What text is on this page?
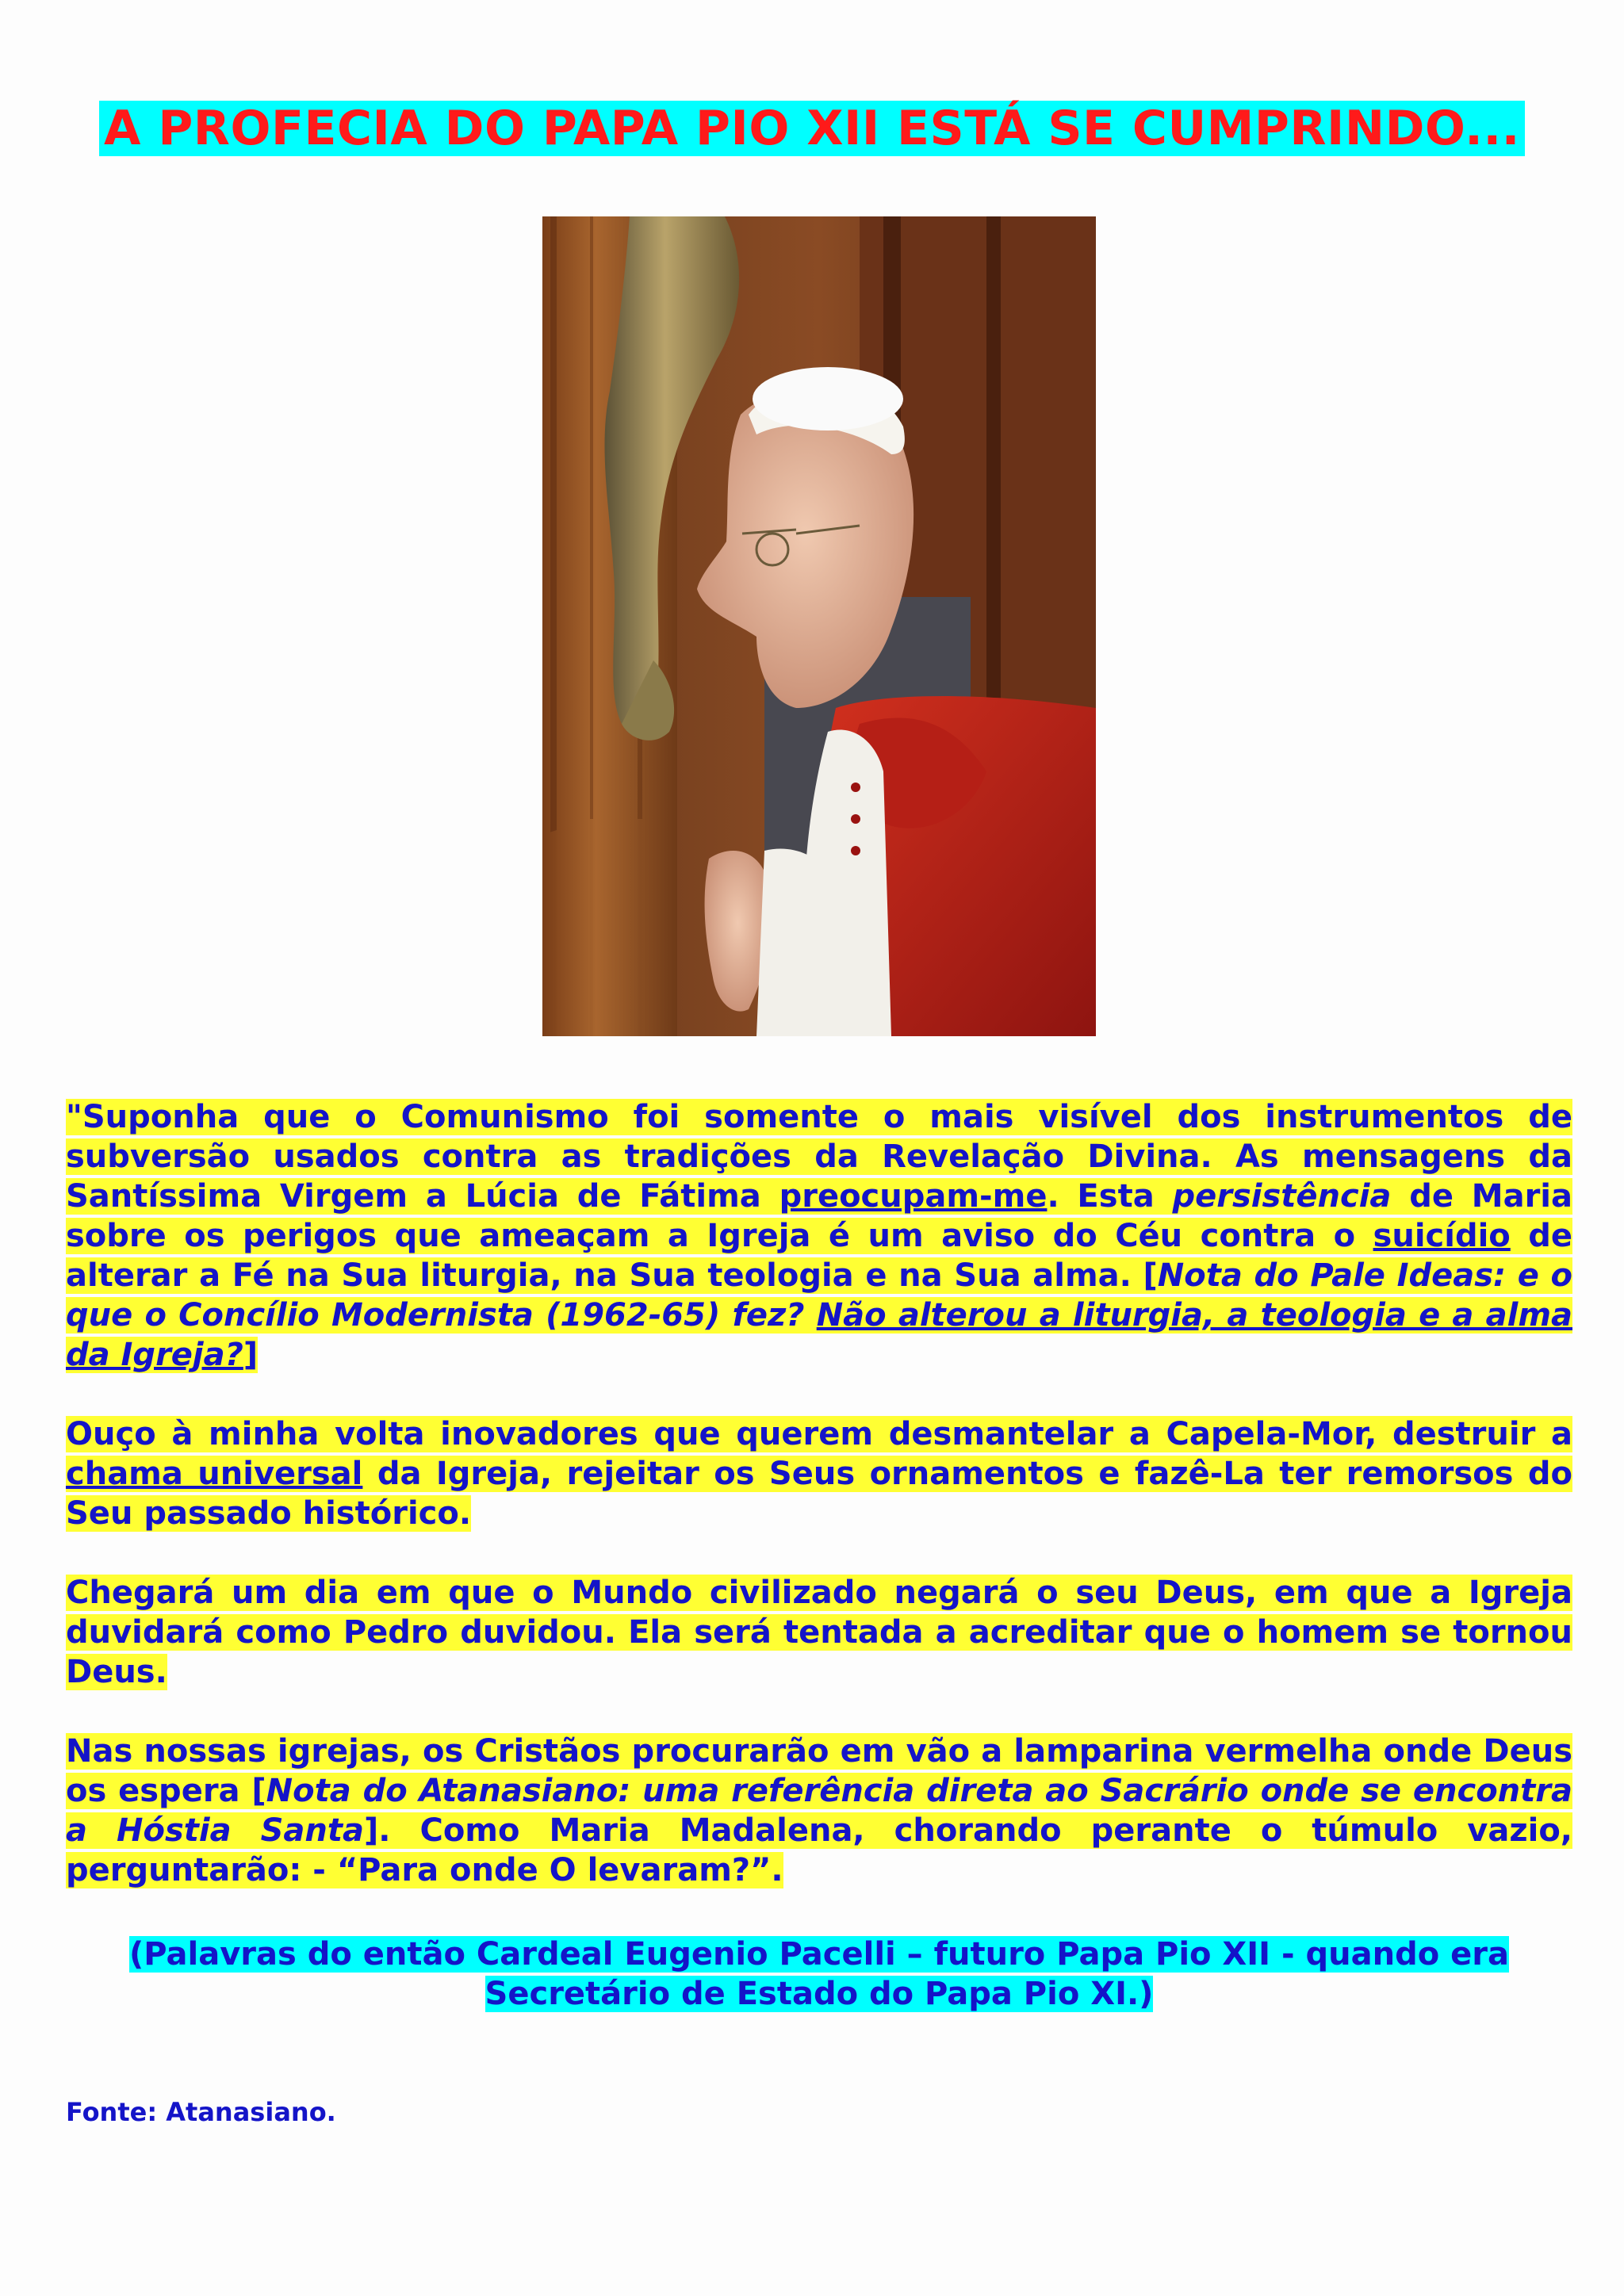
A PROFECIA DO PAPA PIO XII ESTÁ SE CUMPRINDO...

"Suponha que o Comunismo foi somente o mais visível dos instrumentos de subversão usados contra as tradições da Revelação Divina. As mensagens da Santíssima Virgem a Lúcia de Fátima preocupam-me. Esta persistência de Maria sobre os perigos que ameaçam a Igreja é um aviso do Céu contra o suicídio de alterar a Fé na Sua liturgia, na Sua teologia e na Sua alma. [Nota do Pale Ideas: e o que o Concílio Modernista (1962-65) fez? Não alterou a liturgia, a teologia e a alma da Igreja?]

Ouço à minha volta inovadores que querem desmantelar a Capela-Mor, destruir a chama universal da Igreja, rejeitar os Seus ornamentos e fazê-La ter remorsos do Seu passado histórico.

Chegará um dia em que o Mundo civilizado negará o seu Deus, em que a Igreja duvidará como Pedro duvidou. Ela será tentada a acreditar que o homem se tornou Deus.

Nas nossas igrejas, os Cristãos procurarão em vão a lamparina vermelha onde Deus os espera [Nota do Atanasiano: uma referência direta ao Sacrário onde se encontra a Hóstia Santa]. Como Maria Madalena, chorando perante o túmulo vazio, perguntarão: - “Para onde O levaram?”.

(Palavras do então Cardeal Eugenio Pacelli – futuro Papa Pio XII - quando era
Secretário de Estado do Papa Pio XI.)
Fonte: Atanasiano.
